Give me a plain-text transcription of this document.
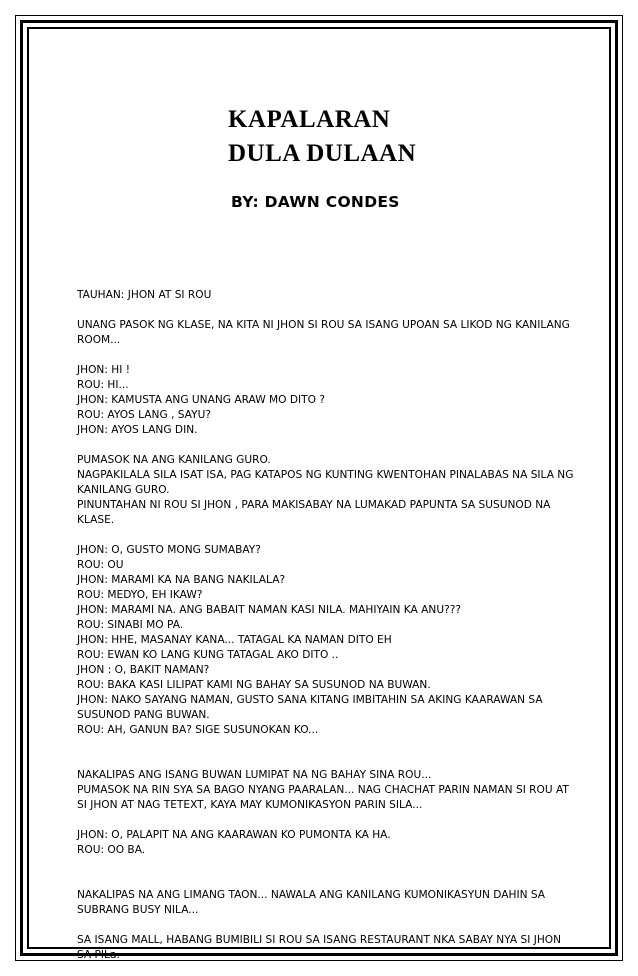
KAPALARAN
DULA DULAAN
BY: DAWN CONDES
TAUHAN: JHON AT SI ROU
UNANG PASOK NG KLASE, NA KITA NI JHON SI ROU SA ISANG UPOAN SA LIKOD NG KANILANG
ROOM...
JHON: HI !
ROU: HI...
JHON: KAMUSTA ANG UNANG ARAW MO DITO ?
ROU: AYOS LANG , SAYU?
JHON: AYOS LANG DIN.
PUMASOK NA ANG KANILANG GURO.
NAGPAKILALA SILA ISAT ISA, PAG KATAPOS NG KUNTING KWENTOHAN PINALABAS NA SILA NG
KANILANG GURO.
PINUNTAHAN NI ROU SI JHON , PARA MAKISABAY NA LUMAKAD PAPUNTA SA SUSUNOD NA
KLASE.
JHON: O, GUSTO MONG SUMABAY?
ROU: OU
JHON: MARAMI KA NA BANG NAKILALA?
ROU: MEDYO, EH IKAW?
JHON: MARAMI NA. ANG BABAIT NAMAN KASI NILA. MAHIYAIN KA ANU???
ROU: SINABI MO PA.
JHON: HHE, MASANAY KANA... TATAGAL KA NAMAN DITO EH
ROU: EWAN KO LANG KUNG TATAGAL AKO DITO ..
JHON : O, BAKIT NAMAN?
ROU: BAKA KASI LILIPAT KAMI NG BAHAY SA SUSUNOD NA BUWAN.
JHON: NAKO SAYANG NAMAN, GUSTO SANA KITANG IMBITAHIN SA AKING KAARAWAN SA
SUSUNOD PANG BUWAN.
ROU: AH, GANUN BA? SIGE SUSUNOKAN KO...
NAKALIPAS ANG ISANG BUWAN LUMIPAT NA NG BAHAY SINA ROU...
PUMASOK NA RIN SYA SA BAGO NYANG PAARALAN... NAG CHACHAT PARIN NAMAN SI ROU AT
SI JHON AT NAG TETEXT, KAYA MAY KUMONIKASYON PARIN SILA...
JHON: O, PALAPIT NA ANG KAARAWAN KO PUMONTA KA HA.
ROU: OO BA.
NAKALIPAS NA ANG LIMANG TAON... NAWALA ANG KANILANG KUMONIKASYUN DAHIN SA
SUBRANG BUSY NILA...
SA ISANG MALL, HABANG BUMIBILI SI ROU SA ISANG RESTAURANT NKA SABAY NYA SI JHON
SA PILa.
